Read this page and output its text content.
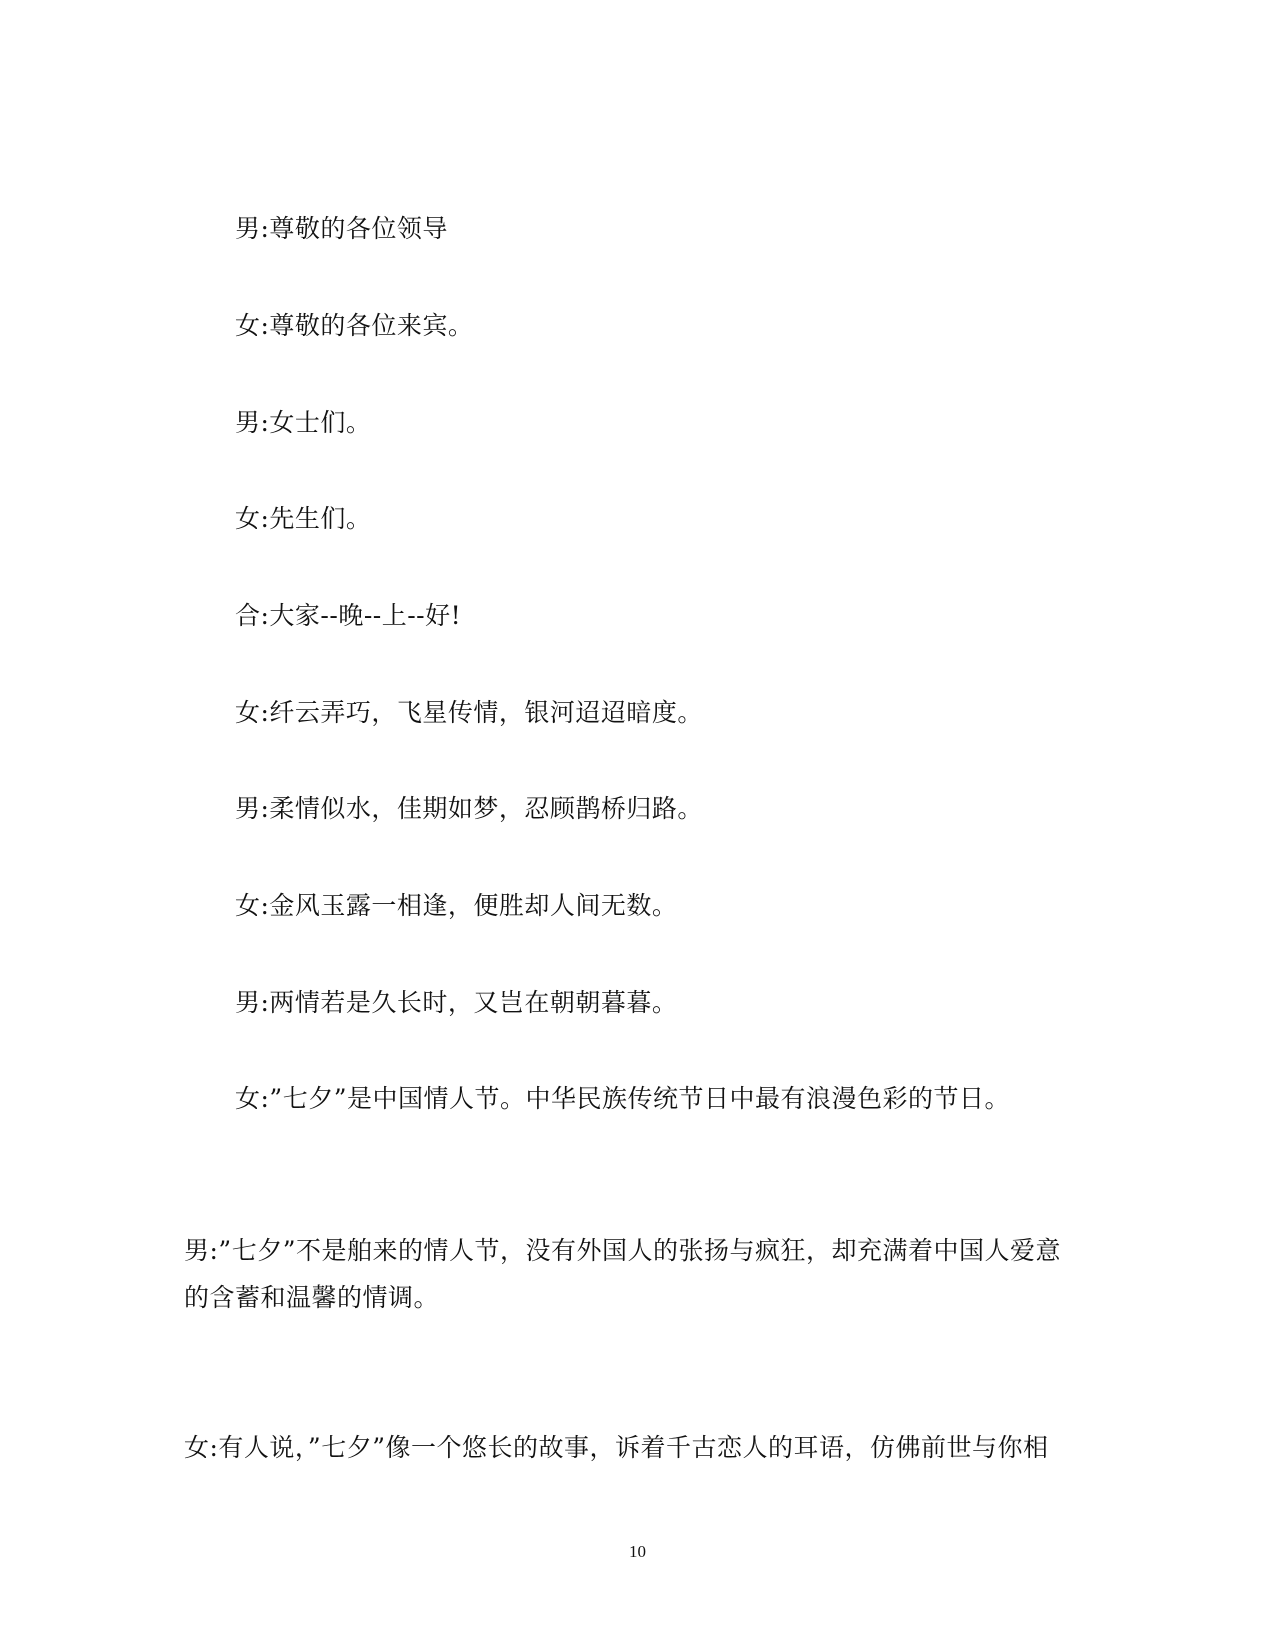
男:尊敬的各位领导

女:尊敬的各位来宾。

男:女士们。

女:先生们。

合:大家--晚--上--好!

女:纤云弄巧，飞星传情，银河迢迢暗度。

男:柔情似水，佳期如梦，忍顾鹊桥归路。

女:金风玉露一相逢，便胜却人间无数。

男:两情若是久长时，又岂在朝朝暮暮。

女:”七夕”是中国情人节。中华民族传统节日中最有浪漫色彩的节日。

男:”七夕”不是舶来的情人节，没有外国人的张扬与疯狂，却充满着中国人爱意

的含蓄和温馨的情调。

女:有人说，”七夕”像一个悠长的故事，诉着千古恋人的耳语，仿佛前世与你相

10
